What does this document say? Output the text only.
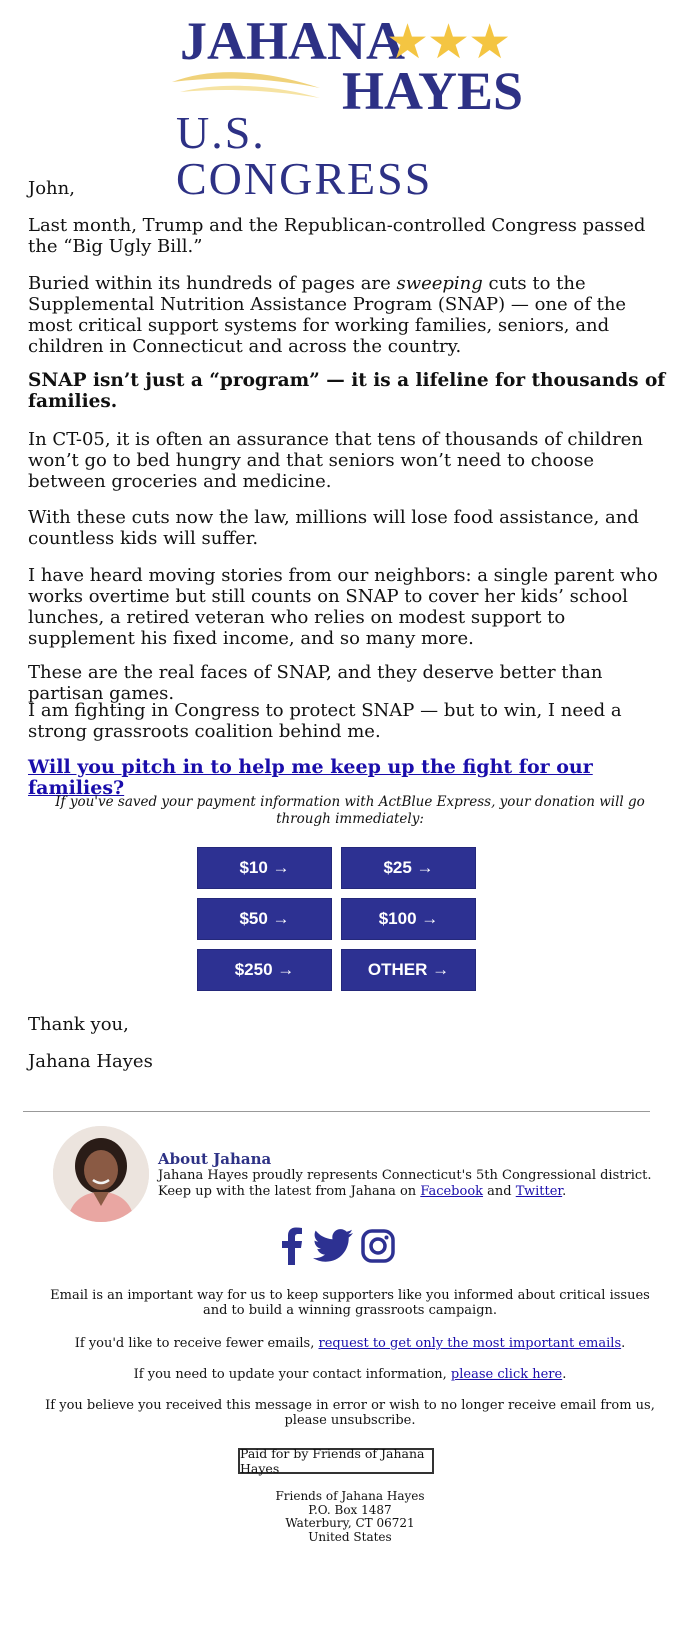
JAHANA
★★★
HAYES
U.S. CONGRESS
John,
Last month, Trump and the Republican-controlled Congress passed the “Big Ugly Bill.”
Buried within its hundreds of pages are sweeping cuts to the Supplemental Nutrition Assistance Program (SNAP) — one of the most critical support systems for working families, seniors, and children in Connecticut and across the country.
SNAP isn’t just a “program” — it is a lifeline for thousands of families.
In CT-05, it is often an assurance that tens of thousands of children won’t go to bed hungry and that seniors won’t need to choose between groceries and medicine.
With these cuts now the law, millions will lose food assistance, and countless kids will suffer.
I have heard moving stories from our neighbors: a single parent who works overtime but still counts on SNAP to cover her kids’ school lunches, a retired veteran who relies on modest support to supplement his fixed income, and so many more.
These are the real faces of SNAP, and they deserve better than partisan games.
I am fighting in Congress to protect SNAP — but to win, I need a strong grassroots coalition behind me.
Will you pitch in to help me keep up the fight for our families?
If you've saved your payment information with ActBlue Express, your donation will go through immediately:
$10 →	$25 →
$50 →	$100 →
$250 →	OTHER →
Thank you,
Jahana Hayes
About Jahana
Jahana Hayes proudly represents Connecticut's 5th Congressional district.
Keep up with the latest from Jahana on Facebook and Twitter.
Email is an important way for us to keep supporters like you informed about critical issues and to build a winning grassroots campaign.
If you'd like to receive fewer emails, request to get only the most important emails.
If you need to update your contact information, please click here.
If you believe you received this message in error or wish to no longer receive email from us, please unsubscribe.
Paid for by Friends of Jahana Hayes
Friends of Jahana Hayes
P.O. Box 1487
Waterbury, CT 06721
United States
